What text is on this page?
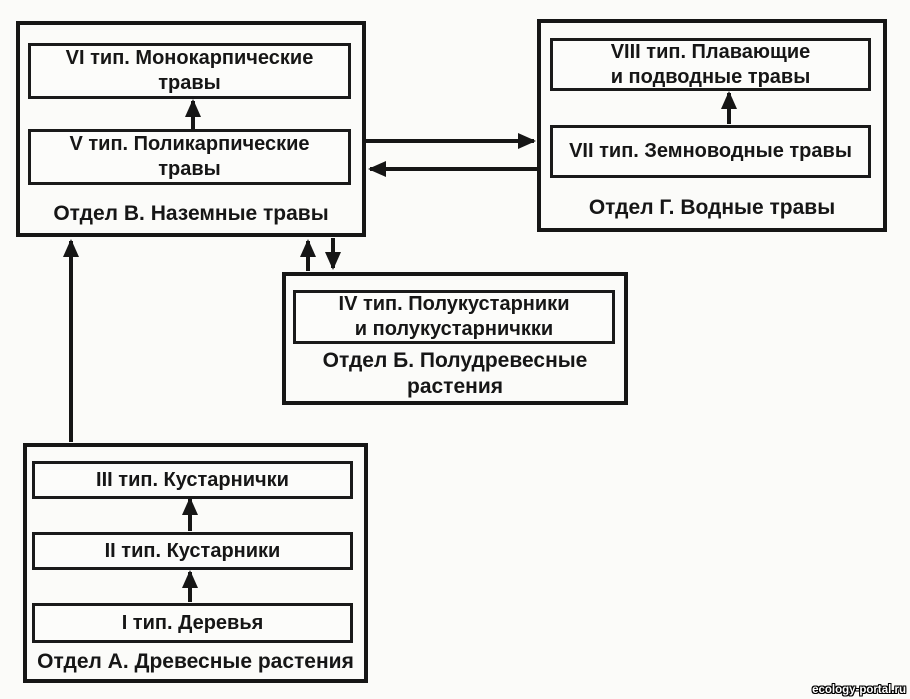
VI тип. Монокарпические
травы
V тип. Поликарпические
травы
Отдел В. Наземные травы
VIII тип. Плавающие
и подводные травы
VII тип. Земноводные травы
Отдел Г. Водные травы
IV тип. Полукустарники
и полукустарничкки
Отдел Б. Полудревесные
растения
III тип. Кустарнички
II тип. Кустарники
I тип. Деревья
Отдел А. Древесные растения
ecology-portal.ru
